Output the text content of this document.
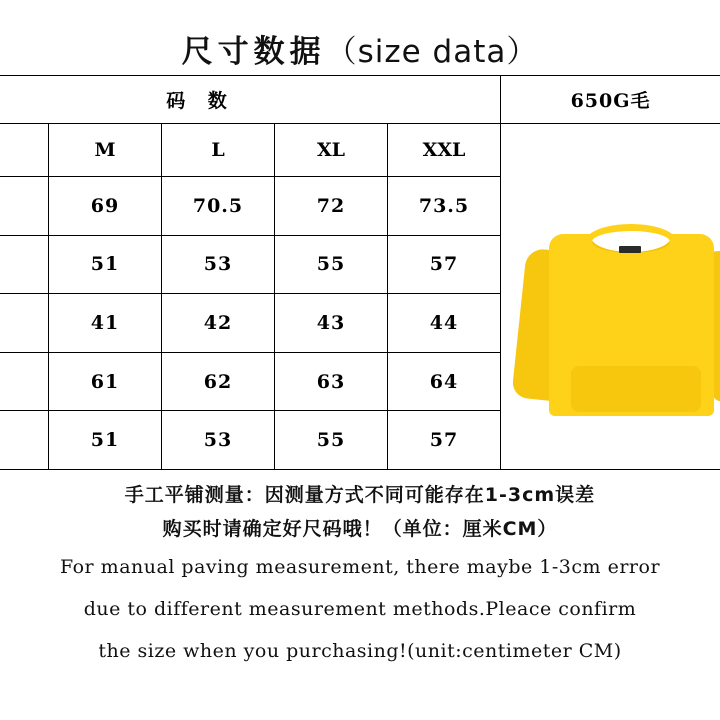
尺寸数据（size data）
码 数					650G毛
	M	L	XL	XXL	

	69	70.5	72	73.5	
	51	53	55	57	
	41	42	43	44	
	61	62	63	64	
	51	53	55	57	
手工平铺测量：因测量方式不同可能存在1-3cm误差
购买时请确定好尺码哦！（单位：厘米CM）
For manual paving measurement, there maybe 1-3cm error
due to different measurement methods.Pleace confirm
the size when you purchasing!(unit:centimeter CM)
